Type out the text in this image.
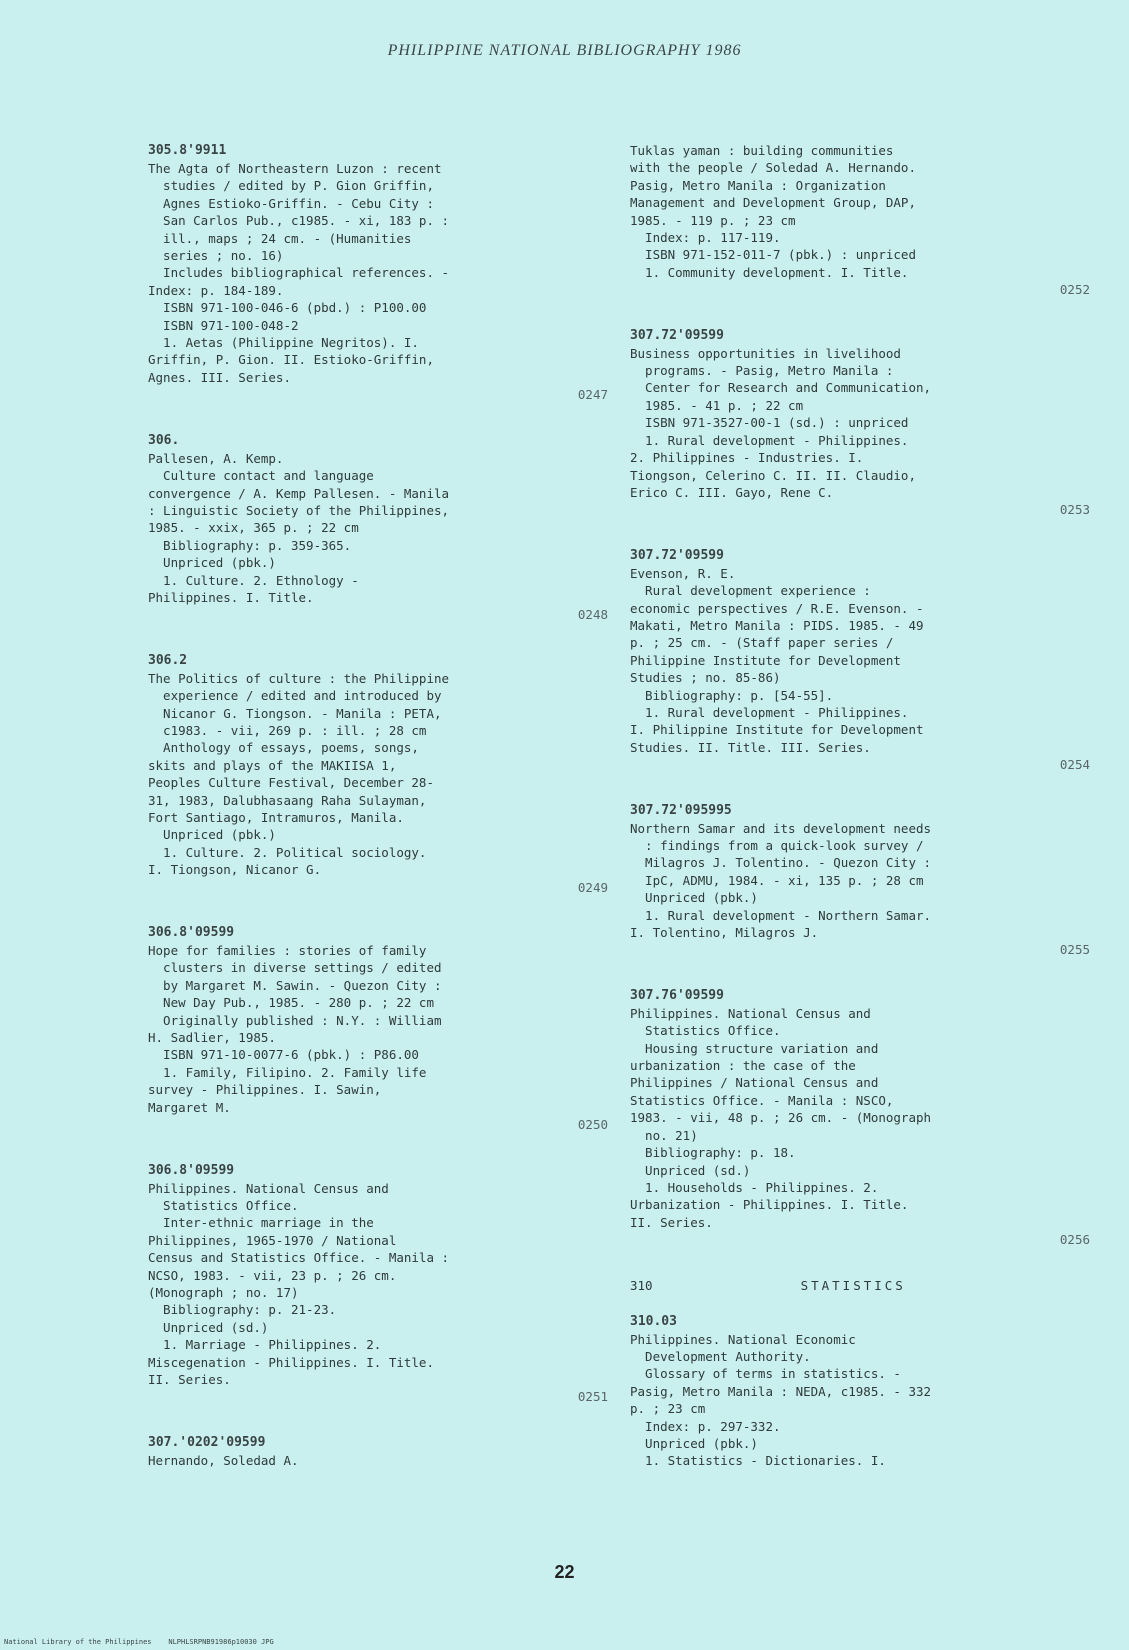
PHILIPPINE NATIONAL BIBLIOGRAPHY 1986
305.8'9911
The Agta of Northeastern Luzon : recent
studies / edited by P. Gion Griffin,
Agnes Estioko-Griffin. - Cebu City :
San Carlos Pub., c1985. - xi, 183 p. :
ill., maps ; 24 cm. - (Humanities
series ; no. 16)
Includes bibliographical references. -
Index: p. 184-189.
ISBN 971-100-046-6 (pbd.) : P100.00
ISBN 971-100-048-2
1. Aetas (Philippine Negritos). I.
Griffin, P. Gion. II. Estioko-Griffin,
Agnes. III. Series.
0247
306.
Pallesen, A. Kemp.
Culture contact and language
convergence / A. Kemp Pallesen. - Manila
: Linguistic Society of the Philippines,
1985. - xxix, 365 p. ; 22 cm
Bibliography: p. 359-365.
Unpriced (pbk.)
1. Culture. 2. Ethnology -
Philippines. I. Title.
0248
306.2
The Politics of culture : the Philippine
experience / edited and introduced by
Nicanor G. Tiongson. - Manila : PETA,
c1983. - vii, 269 p. : ill. ; 28 cm
Anthology of essays, poems, songs,
skits and plays of the MAKIISA 1,
Peoples Culture Festival, December 28-
31, 1983, Dalubhasaang Raha Sulayman,
Fort Santiago, Intramuros, Manila.
Unpriced (pbk.)
1. Culture. 2. Political sociology.
I. Tiongson, Nicanor G.
0249
306.8'09599
Hope for families : stories of family
clusters in diverse settings / edited
by Margaret M. Sawin. - Quezon City :
New Day Pub., 1985. - 280 p. ; 22 cm
Originally published : N.Y. : William
H. Sadlier, 1985.
ISBN 971-10-0077-6 (pbk.) : P86.00
1. Family, Filipino. 2. Family life
survey - Philippines. I. Sawin,
Margaret M.
0250
306.8'09599
Philippines. National Census and
Statistics Office.
Inter-ethnic marriage in the
Philippines, 1965-1970 / National
Census and Statistics Office. - Manila :
NCSO, 1983. - vii, 23 p. ; 26 cm.
(Monograph ; no. 17)
Bibliography: p. 21-23.
Unpriced (sd.)
1. Marriage - Philippines. 2.
Miscegenation - Philippines. I. Title.
II. Series.
0251
307.'0202'09599
Hernando, Soledad A.
Tuklas yaman : building communities
with the people / Soledad A. Hernando.
Pasig, Metro Manila : Organization
Management and Development Group, DAP,
1985. - 119 p. ; 23 cm
Index: p. 117-119.
ISBN 971-152-011-7 (pbk.) : unpriced
1. Community development. I. Title.
0252
307.72'09599
Business opportunities in livelihood
programs. - Pasig, Metro Manila :
Center for Research and Communication,
1985. - 41 p. ; 22 cm
ISBN 971-3527-00-1 (sd.) : unpriced
1. Rural development - Philippines.
2. Philippines - Industries. I.
Tiongson, Celerino C. II. II. Claudio,
Erico C. III. Gayo, Rene C.
0253
307.72'09599
Evenson, R. E.
Rural development experience :
economic perspectives / R.E. Evenson. -
Makati, Metro Manila : PIDS. 1985. - 49
p. ; 25 cm. - (Staff paper series /
Philippine Institute for Development
Studies ; no. 85-86)
Bibliography: p. [54-55].
1. Rural development - Philippines.
I. Philippine Institute for Development
Studies. II. Title. III. Series.
0254
307.72'095995
Northern Samar and its development needs
: findings from a quick-look survey /
Milagros J. Tolentino. - Quezon City :
IpC, ADMU, 1984. - xi, 135 p. ; 28 cm
Unpriced (pbk.)
1. Rural development - Northern Samar.
I. Tolentino, Milagros J.
0255
307.76'09599
Philippines. National Census and
Statistics Office.
Housing structure variation and
urbanization : the case of the
Philippines / National Census and
Statistics Office. - Manila : NSCO,
1983. - vii, 48 p. ; 26 cm. - (Monograph
no. 21)
Bibliography: p. 18.
Unpriced (sd.)
1. Households - Philippines. 2.
Urbanization - Philippines. I. Title.
II. Series.
0256
310	STATISTICS
310.03
Philippines. National Economic
Development Authority.
Glossary of terms in statistics. -
Pasig, Metro Manila : NEDA, c1985. - 332
p. ; 23 cm
Index: p. 297-332.
Unpriced (pbk.)
1. Statistics - Dictionaries. I.
22
National Library of the Philippines    NLPHLSRPNB91986p10030 JPG
